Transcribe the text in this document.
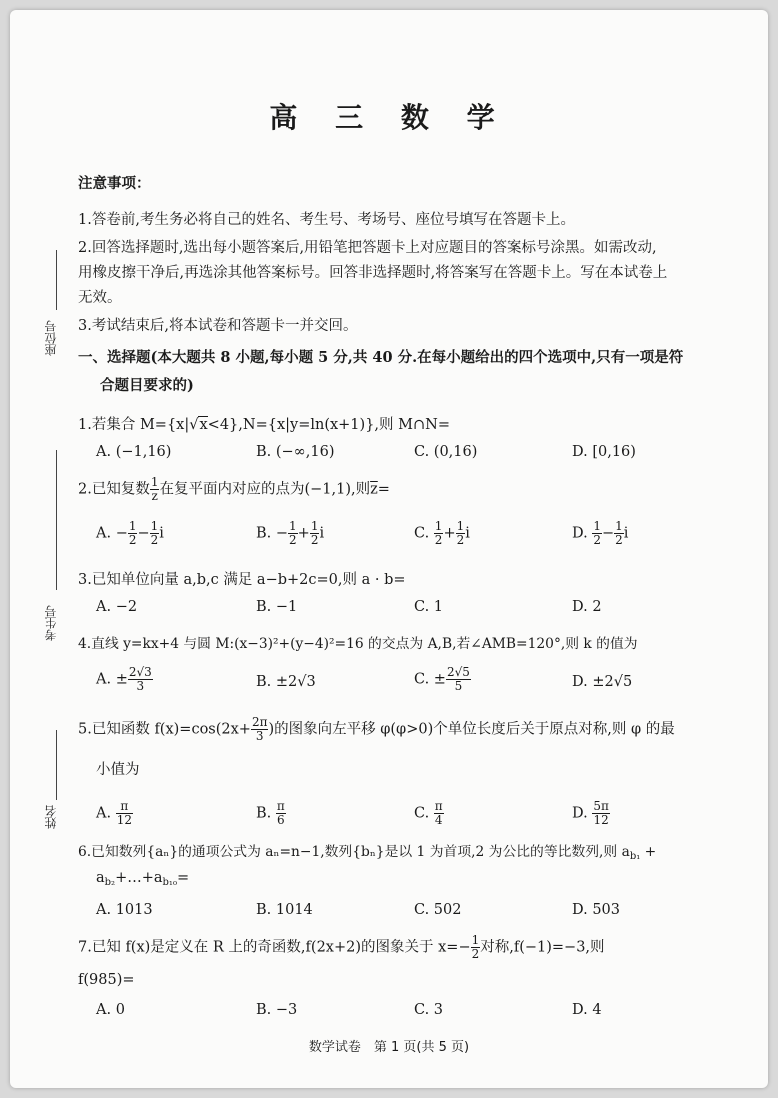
座位号
考生号
姓名
高 三 数 学
注意事项：
1.答卷前,考生务必将自己的姓名、考生号、考场号、座位号填写在答题卡上。
2.回答选择题时,选出每小题答案后,用铅笔把答题卡上对应题目的答案标号涂黑。如需改动,
用橡皮擦干净后,再选涂其他答案标号。回答非选择题时,将答案写在答题卡上。写在本试卷上
无效。
3.考试结束后,将本试卷和答题卡一并交回。
一、选择题(本大题共 8 小题,每小题 5 分,共 40 分.在每小题给出的四个选项中,只有一项是符
合题目要求的)
1.若集合 M={x|√x<4},N={x|y=ln(x+1)},则 M∩N=
A. (−1,16)	B. (−∞,16)	C. (0,16)	D. [0,16)
2.已知复数 $\frac{1}{z}$ 在复平面内对应的点为(−1,1),则$\overline{z}=$
A. − $\frac{1}{2} - \frac{1}{2}$ i	B. − $\frac{1}{2} + \frac{1}{2}$ i	C. $\frac{1}{2} + \frac{1}{2}$ i	D. $\frac{1}{2} - \frac{1}{2}$ i
3.已知单位向量 a,b,c 满足 a−b+2c=0,则 a · b=
A. −2	B. −1	C. 1	D. 2
4.直线 y=kx+4 与圆 M:(x−3)²+(y−4)²=16 的交点为 A,B,若∠AMB=120°,则 k 的值为
A. ± $\frac{2√3}{3}$	B. ±2√3	C. ± $\frac{2√5}{5}$	D. ±2√5
5.已知函数 $f(x)=\cos(2x+ \frac{2\pi}{3}$ )的图象向左平移 φ(φ>0)个单位长度后关于原点对称,则 φ 的最
小值为
A. $\frac{\pi}{12}$	B. $\frac{\pi}{6}$	C. $\frac{\pi}{4}$	D. $\frac{5\pi}{12}$
6.已知数列{aₙ}的通项公式为 aₙ=n−1,数列{bₙ}是以 1 为首项,2 为公比的等比数列,则 $a_{b_1}$ +
$a_{b_2}+\dots+a_{b_{10}}=$
A. 1013	B. 1014	C. 502	D. 503
7.已知 f(x)是定义在 R 上的奇函数,f(2x+2)的图象关于 $x=- \frac{1}{2}$ 对称,f(−1)=−3,则
f(985)=
A. 0	B. −3	C. 3	D. 4
数学试卷　第 1 页(共 5 页)
